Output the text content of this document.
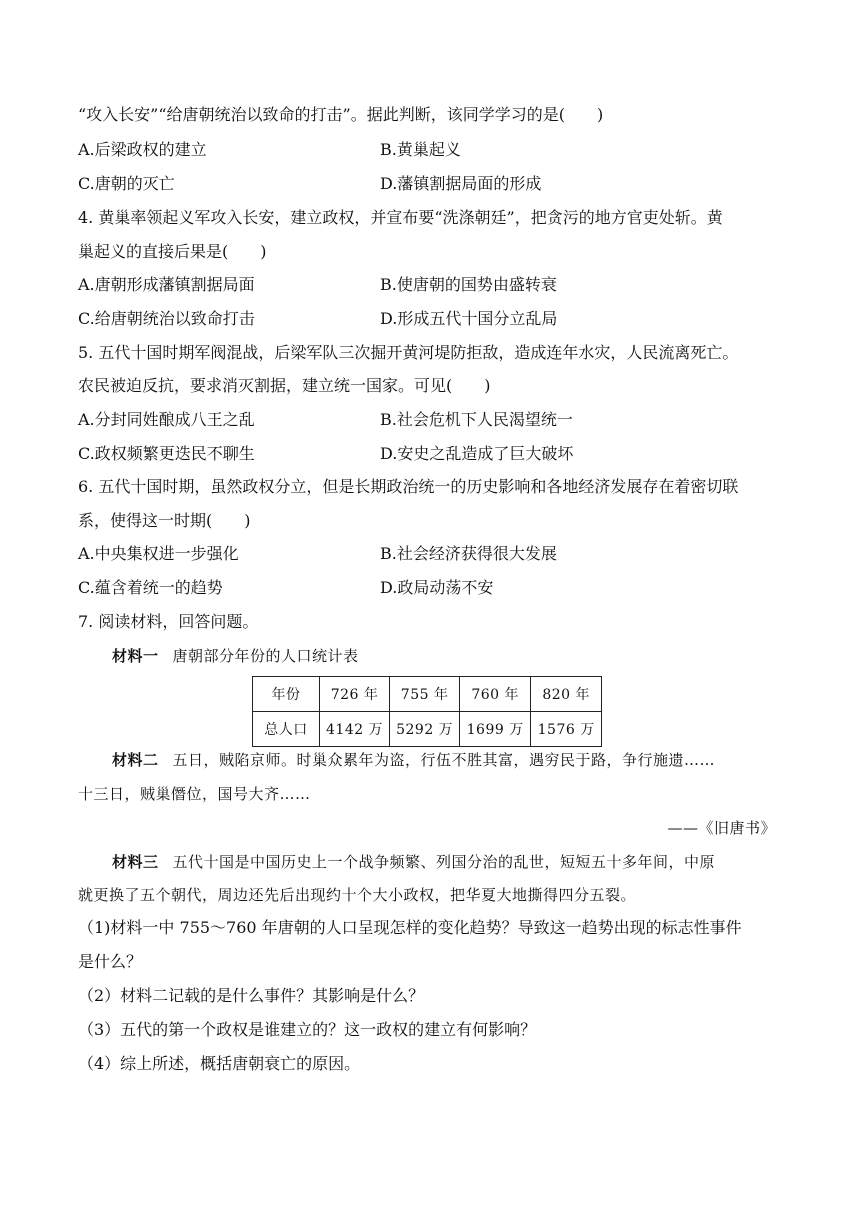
“攻入长安”“给唐朝统治以致命的打击”。据此判断，该同学学习的是(　　)
A.后梁政权的建立	B.黄巢起义
C.唐朝的灭亡	D.藩镇割据局面的形成
4. 黄巢率领起义军攻入长安，建立政权，并宣布要“洗涤朝廷”，把贪污的地方官吏处斩。黄
巢起义的直接后果是(　　)
A.唐朝形成藩镇割据局面	B.使唐朝的国势由盛转衰
C.给唐朝统治以致命打击	D.形成五代十国分立乱局
5. 五代十国时期军阀混战，后梁军队三次掘开黄河堤防拒敌，造成连年水灾，人民流离死亡。
农民被迫反抗，要求消灭割据，建立统一国家。可见(　　)
A.分封同姓酿成八王之乱	B.社会危机下人民渴望统一
C.政权频繁更迭民不聊生	D.安史之乱造成了巨大破坏
6. 五代十国时期，虽然政权分立，但是长期政治统一的历史影响和各地经济发展存在着密切联
系，使得这一时期(　　)
A.中央集权进一步强化	B.社会经济获得很大发展
C.蕴含着统一的趋势	D.政局动荡不安
7. 阅读材料，回答问题。
材料一 唐朝部分年份的人口统计表
年份	726 年	755 年	760 年	820 年
总人口	4142 万	5292 万	1699 万	1576 万
材料二 五日，贼陷京师。时巢众累年为盗，行伍不胜其富，遇穷民于路，争行施遗……
十三日，贼巢僭位，国号大齐……
——《旧唐书》
材料三 五代十国是中国历史上一个战争频繁、列国分治的乱世，短短五十多年间，中原
就更换了五个朝代，周边还先后出现约十个大小政权，把华夏大地撕得四分五裂。
（1)材料一中 755～760 年唐朝的人口呈现怎样的变化趋势？导致这一趋势出现的标志性事件
是什么？
（2）材料二记载的是什么事件？其影响是什么？
（3）五代的第一个政权是谁建立的？这一政权的建立有何影响？
（4）综上所述，概括唐朝衰亡的原因。
